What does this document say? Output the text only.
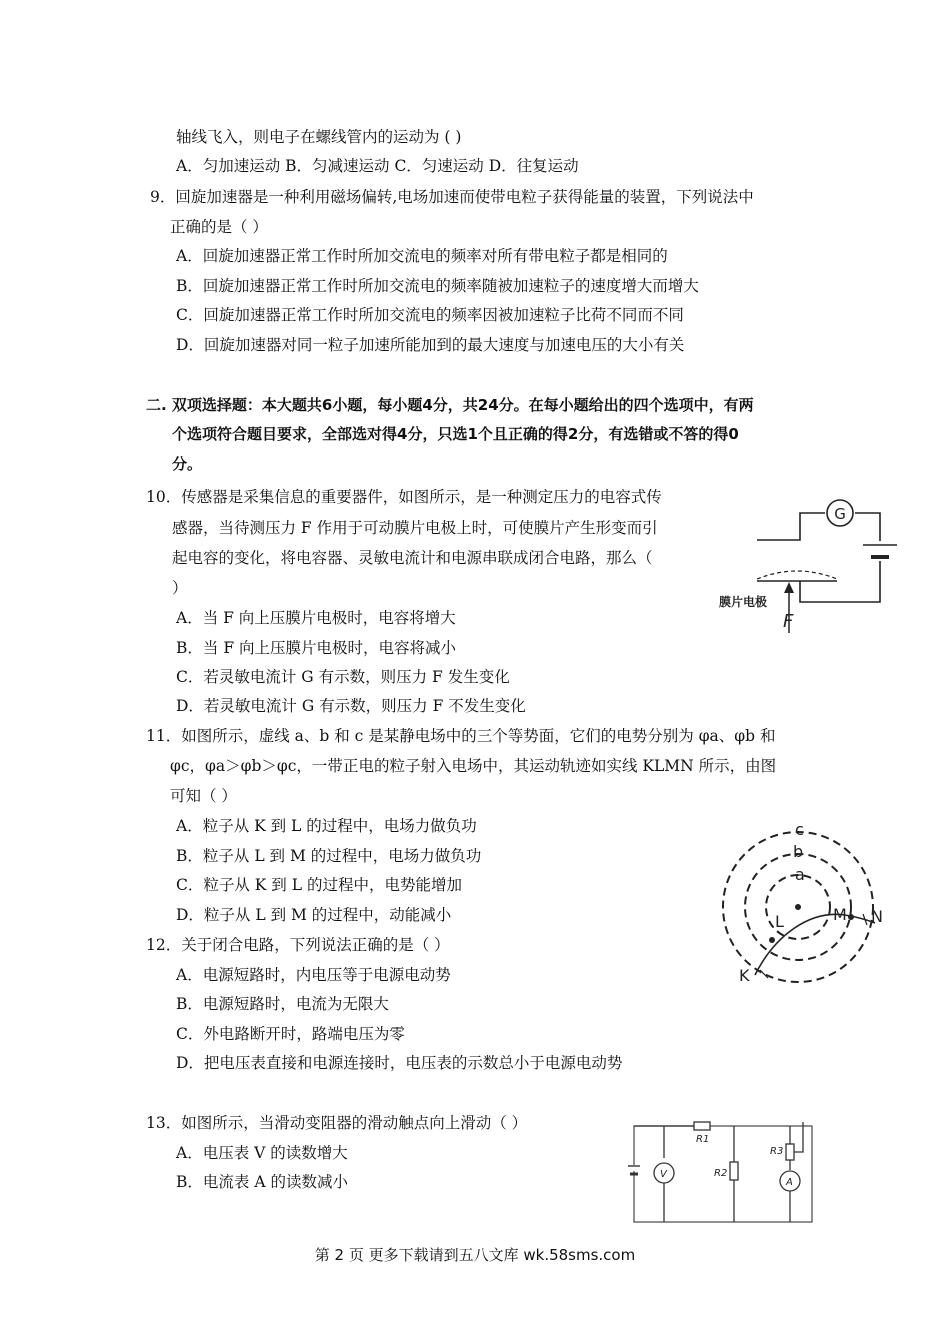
轴线飞入，则电子在螺线管内的运动为 ( )
A．匀加速运动 B．匀减速运动 C．匀速运动 D．往复运动
9．回旋加速器是一种利用磁场偏转,电场加速而使带电粒子获得能量的装置，下列说法中
正确的是（ ）
A．回旋加速器正常工作时所加交流电的频率对所有带电粒子都是相同的
B．回旋加速器正常工作时所加交流电的频率随被加速粒子的速度增大而增大
C．回旋加速器正常工作时所加交流电的频率因被加速粒子比荷不同而不同
D．回旋加速器对同一粒子加速所能加到的最大速度与加速电压的大小有关
二. 双项选择题：本大题共6小题，每小题4分，共24分。在每小题给出的四个选项中，有两
个选项符合题目要求，全部选对得4分，只选1个且正确的得2分，有选错或不答的得0
分。
10．传感器是采集信息的重要器件，如图所示，是一种测定压力的电容式传
感器，当待测压力 F 作用于可动膜片电极上时，可使膜片产生形变而引
起电容的变化，将电容器、灵敏电流计和电源串联成闭合电路，那么（
）
A．当 F 向上压膜片电极时，电容将增大
B．当 F 向上压膜片电极时，电容将减小
C．若灵敏电流计 G 有示数，则压力 F 发生变化
D．若灵敏电流计 G 有示数，则压力 F 不发生变化
G
膜片电极
F
11．如图所示，虚线 a、b 和 c 是某静电场中的三个等势面，它们的电势分别为 φa、φb 和
φc，φa＞φb＞φc，一带正电的粒子射入电场中，其运动轨迹如实线 KLMN 所示，由图
可知（ ）
A．粒子从 K 到 L 的过程中，电场力做负功
B．粒子从 L 到 M 的过程中，电场力做负功
C．粒子从 K 到 L 的过程中，电势能增加
D．粒子从 L 到 M 的过程中，动能减小
c
b
a
K
L	M N
12．关于闭合电路，下列说法正确的是（ ）
A．电源短路时，内电压等于电源电动势
B．电源短路时，电流为无限大
C．外电路断开时，路端电压为零
D．把电压表直接和电源连接时，电压表的示数总小于电源电动势
13．如图所示，当滑动变阻器的滑动触点向上滑动（ ）
A．电压表 V 的读数增大
B．电流表 A 的读数减小
R1
R2
R3
V
A
第 2 页 更多下载请到五八文库 wk.58sms.com
